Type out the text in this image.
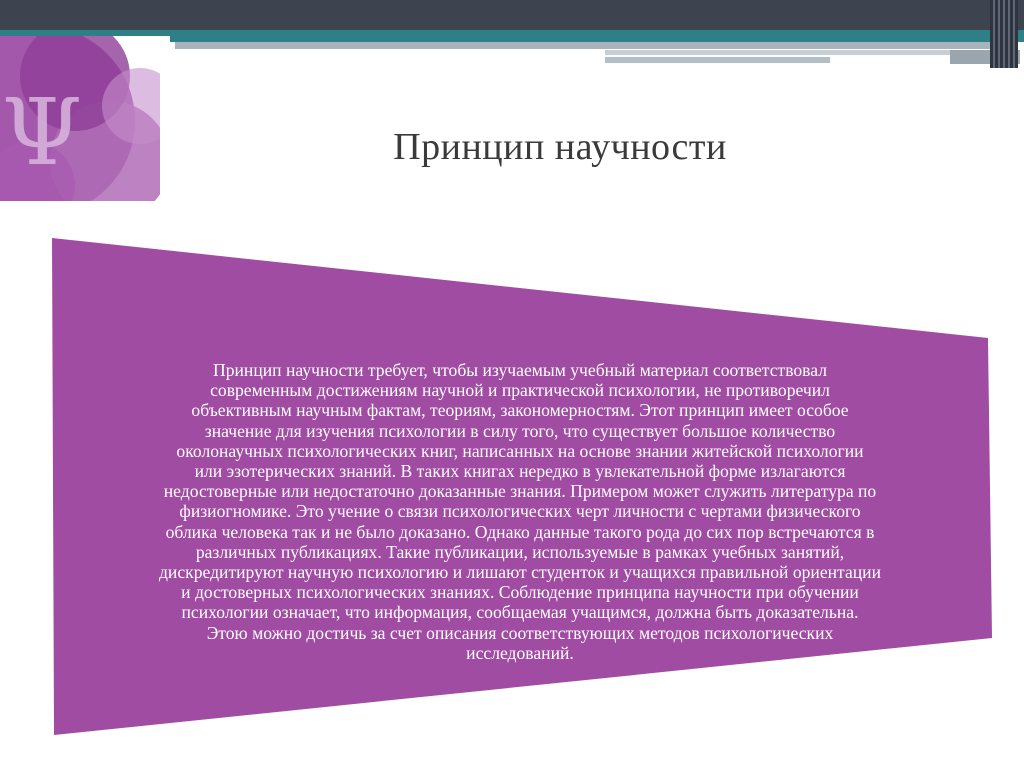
Ψ	Принцип научности

Принцип научности требует, чтобы изучаемым учебный материал соответствовал
современным достижениям научной и практической психологии, не противоречил
объективным научным фактам, теориям, закономерностям. Этот принцип имеет особое
значение для изучения психологии в силу того, что существует большое количество
околонаучных психологических книг, написанных на основе знании житейской психологии
или эзотерических знаний. В таких книгах нередко в увлекательной форме излагаются
недостоверные или недостаточно доказанные знания. Примером может служить литература по
физиогномике. Это учение о связи психологических черт личности с чертами физического
облика человека так и не было доказано. Однако данные такого рода до сих пор встречаются в
различных публикациях. Такие публикации, используемые в рамках учебных занятий,
дискредитируют научную психологию и лишают студенток и учащихся правильной ориентации
и достоверных психологических знаниях. Соблюдение принципа научности при обучении
психологии означает, что информация, сообщаемая учащимся, должна быть доказательна.
Этою можно достичь за счет описания соответствующих методов психологических
исследований.
